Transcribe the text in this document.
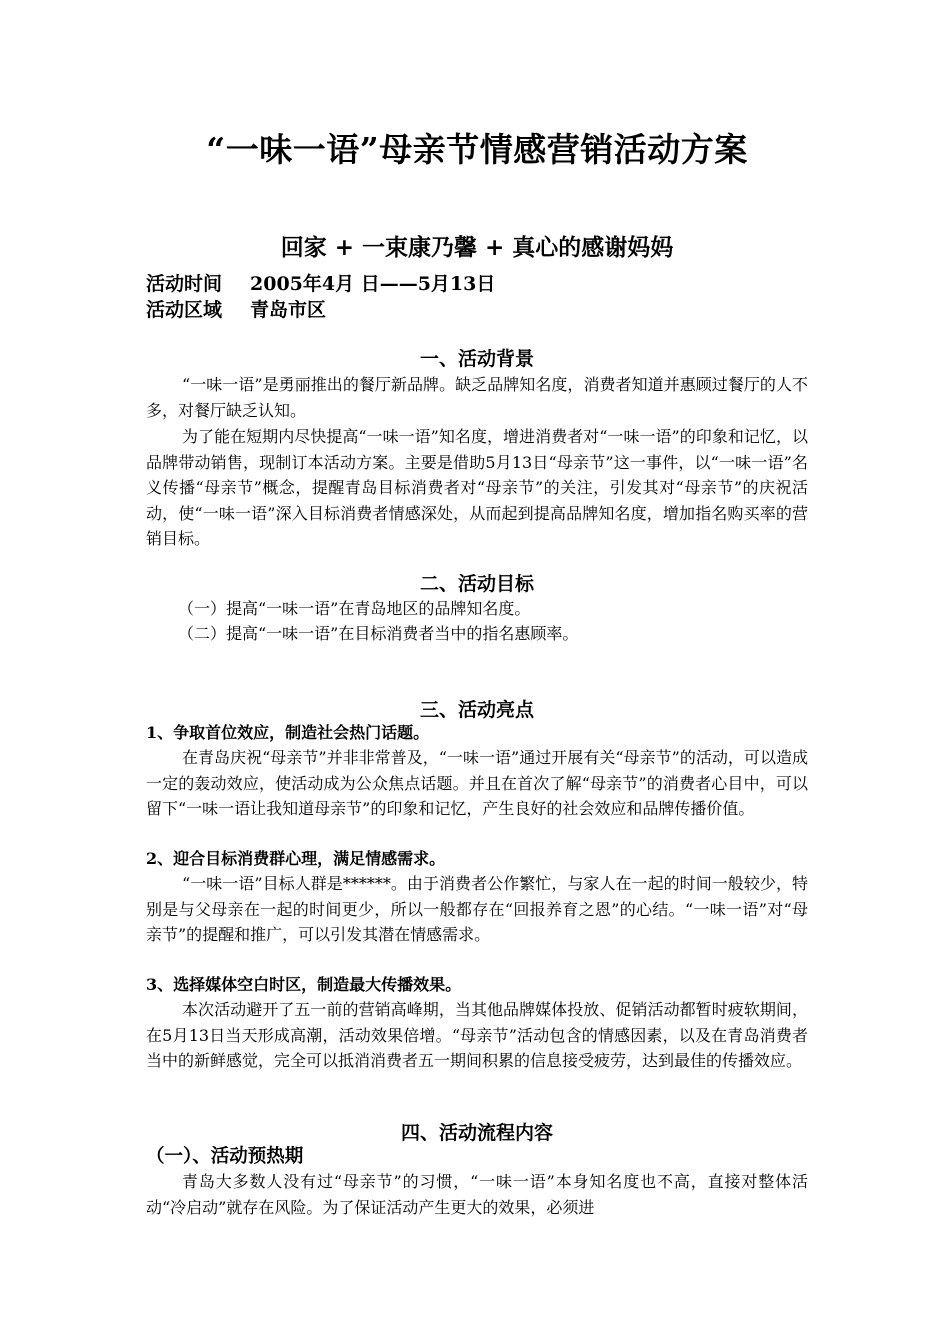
“一味一语”母亲节情感营销活动方案
回家 + 一束康乃馨 + 真心的感谢妈妈
活动时间 2005年4月 日——5月13日
活动区域 青岛市区
一、活动背景
“一味一语”是勇丽推出的餐厅新品牌。缺乏品牌知名度，消费者知道并惠顾过餐厅的人不多，对餐厅缺乏认知。
为了能在短期内尽快提高“一味一语”知名度，增进消费者对“一味一语”的印象和记忆，以品牌带动销售，现制订本活动方案。主要是借助5月13日“母亲节”这一事件，以“一味一语”名义传播“母亲节”概念，提醒青岛目标消费者对“母亲节”的关注，引发其对“母亲节”的庆祝活动，使“一味一语”深入目标消费者情感深处，从而起到提高品牌知名度，增加指名购买率的营销目标。
二、活动目标
（一）提高“一味一语”在青岛地区的品牌知名度。
（二）提高“一味一语”在目标消费者当中的指名惠顾率。
三、活动亮点
1、争取首位效应，制造社会热门话题。
在青岛庆祝“母亲节”并非非常普及，“一味一语”通过开展有关“母亲节”的活动，可以造成一定的轰动效应，使活动成为公众焦点话题。并且在首次了解“母亲节”的消费者心目中，可以留下“一味一语让我知道母亲节”的印象和记忆，产生良好的社会效应和品牌传播价值。
2、迎合目标消费群心理，满足情感需求。
“一味一语”目标人群是******。由于消费者公作繁忙，与家人在一起的时间一般较少，特别是与父母亲在一起的时间更少，所以一般都存在“回报养育之恩”的心结。“一味一语”对“母亲节”的提醒和推广，可以引发其潜在情感需求。
3、选择媒体空白时区，制造最大传播效果。
本次活动避开了五一前的营销高峰期，当其他品牌媒体投放、促销活动都暂时疲软期间，在5月13日当天形成高潮，活动效果倍增。“母亲节”活动包含的情感因素，以及在青岛消费者当中的新鲜感觉，完全可以抵消消费者五一期间积累的信息接受疲劳，达到最佳的传播效应。
四、活动流程内容
（一）、活动预热期
青岛大多数人没有过“母亲节”的习惯，“一味一语”本身知名度也不高，直接对整体活动“冷启动”就存在风险。为了保证活动产生更大的效果，必须进
